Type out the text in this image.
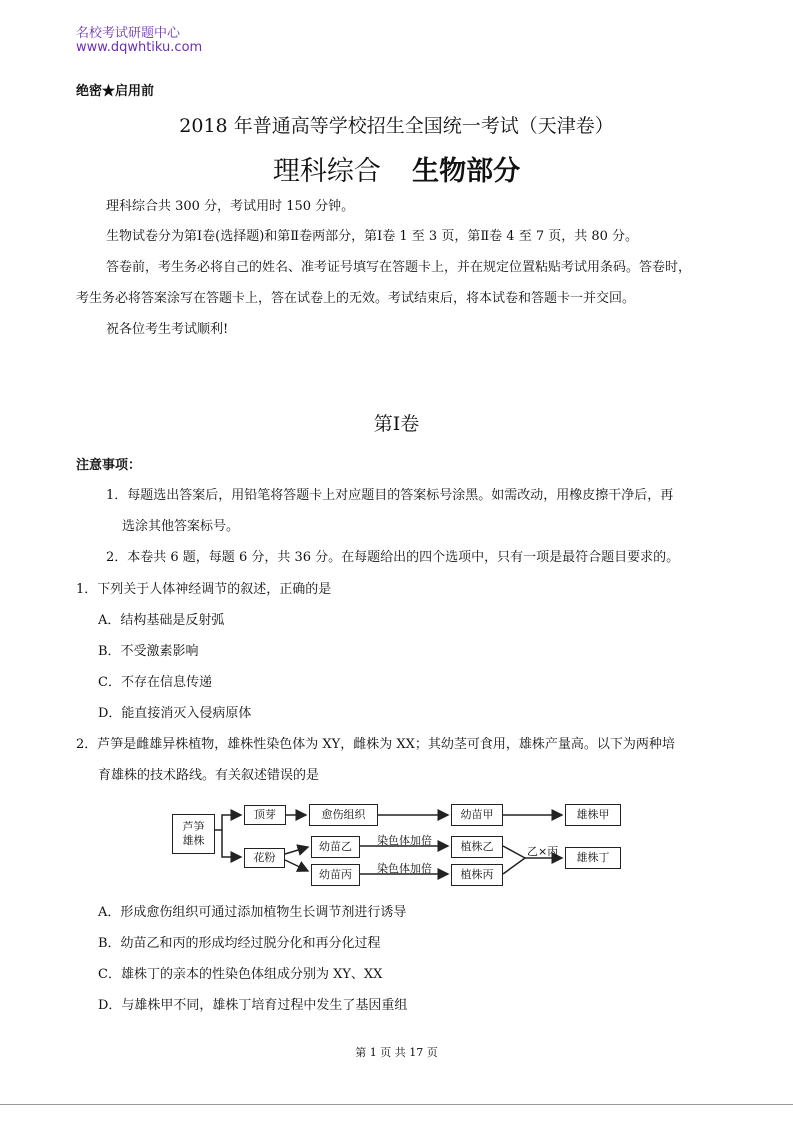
名校考试研题中心
www.dqwhtiku.com
绝密★启用前
2018 年普通高等学校招生全国统一考试（天津卷）
理科综合 生物部分
理科综合共 300 分，考试用时 150 分钟。
生物试卷分为第Ⅰ卷(选择题)和第Ⅱ卷两部分，第Ⅰ卷 1 至 3 页，第Ⅱ卷 4 至 7 页，共 80 分。
答卷前，考生务必将自己的姓名、准考证号填写在答题卡上，并在规定位置粘贴考试用条码。答卷时，
考生务必将答案涂写在答题卡上，答在试卷上的无效。考试结束后，将本试卷和答题卡一并交回。
祝各位考生考试顺利!
第Ⅰ卷
注意事项：
1．每题选出答案后，用铅笔将答题卡上对应题目的答案标号涂黑。如需改动，用橡皮擦干净后，再
选涂其他答案标号。
2．本卷共 6 题，每题 6 分，共 36 分。在每题给出的四个选项中，只有一项是最符合题目要求的。
1．下列关于人体神经调节的叙述，正确的是
A．结构基础是反射弧
B．不受激素影响
C．不存在信息传递
D．能直接消灭入侵病原体
2．芦笋是雌雄异株植物，雄株性染色体为 XY，雌株为 XX；其幼茎可食用，雄株产量高。以下为两种培
育雄株的技术路线。有关叙述错误的是
芦笋
雄株
顶芽	愈伤组织	幼苗甲	雄株甲
花粉
幼苗乙
幼苗丙
植株乙
植株丙
雄株丁
染色体加倍
染色体加倍
乙×丙
A．形成愈伤组织可通过添加植物生长调节剂进行诱导
B．幼苗乙和丙的形成均经过脱分化和再分化过程
C．雄株丁的亲本的性染色体组成分别为 XY、XX
D．与雄株甲不同，雄株丁培育过程中发生了基因重组
第 1 页 共 17 页
